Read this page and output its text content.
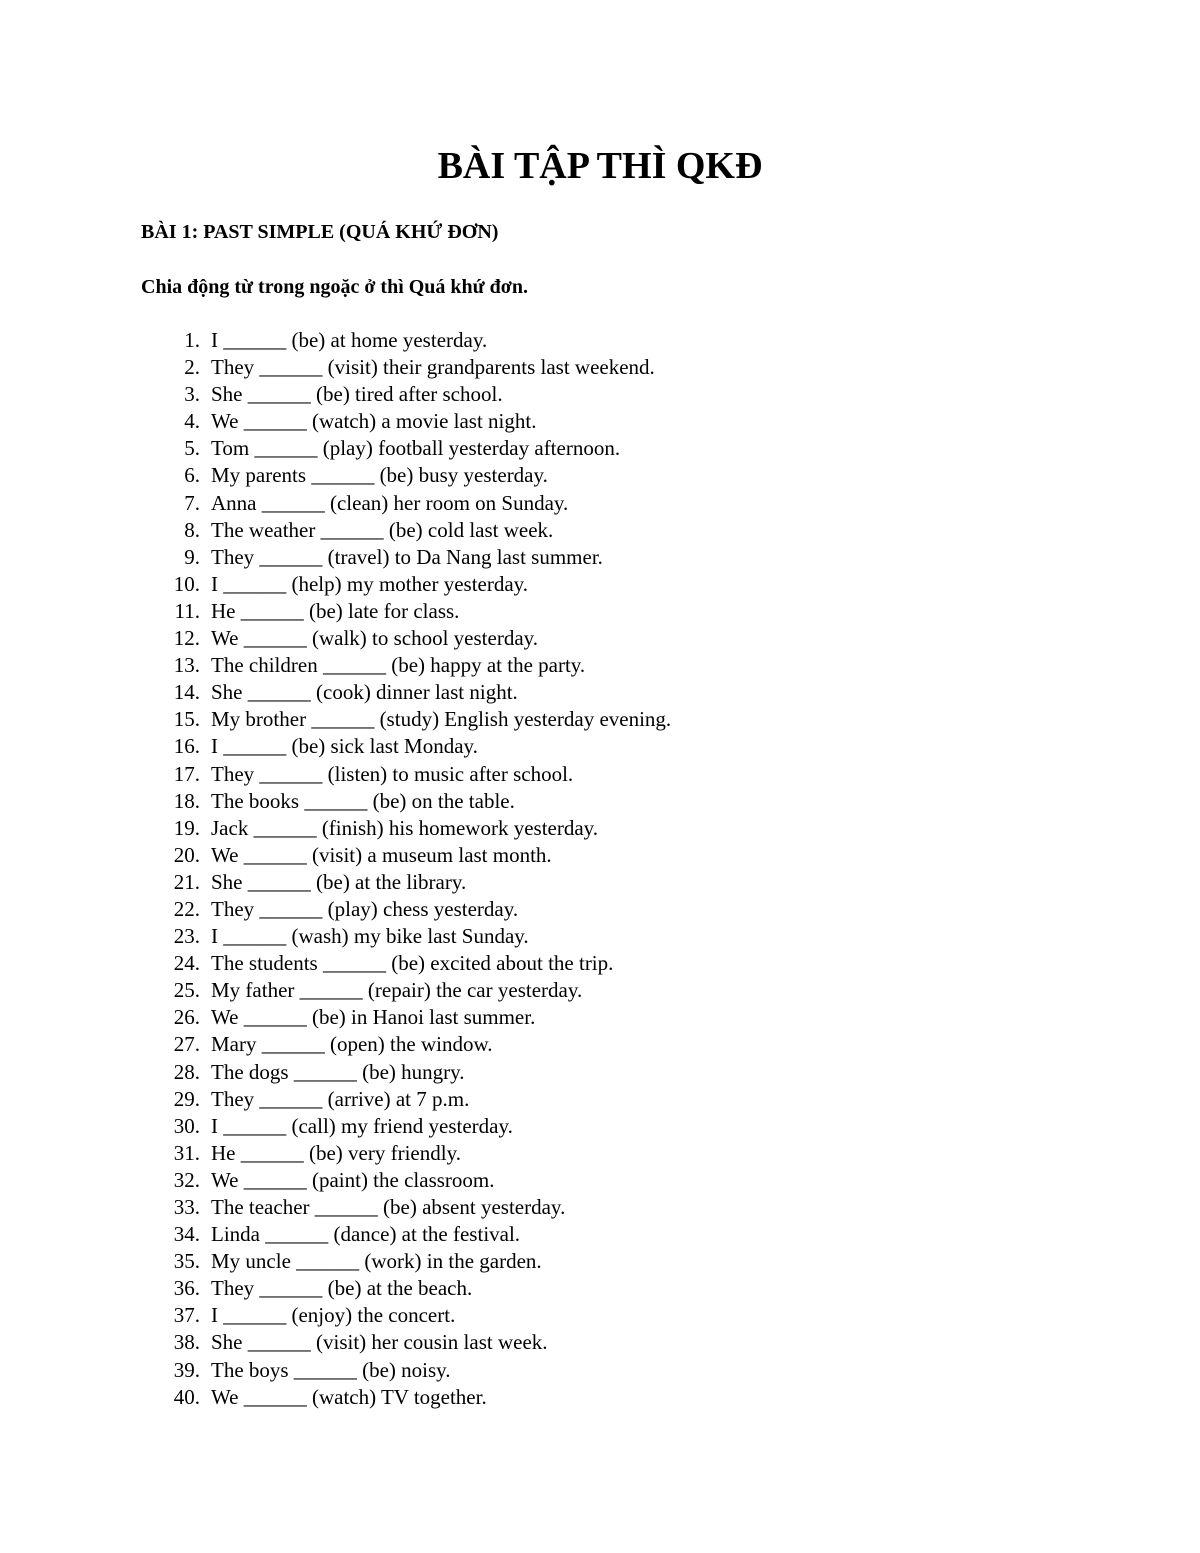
BÀI TẬP THÌ QKĐ

BÀI 1: PAST SIMPLE (QUÁ KHỨ ĐƠN)

Chia động từ trong ngoặc ở thì Quá khứ đơn.

1. I ______ (be) at home yesterday.
2. They ______ (visit) their grandparents last weekend.
3. She ______ (be) tired after school.
4. We ______ (watch) a movie last night.
5. Tom ______ (play) football yesterday afternoon.
6. My parents ______ (be) busy yesterday.
7. Anna ______ (clean) her room on Sunday.
8. The weather ______ (be) cold last week.
9. They ______ (travel) to Da Nang last summer.
10. I ______ (help) my mother yesterday.
11. He ______ (be) late for class.
12. We ______ (walk) to school yesterday.
13. The children ______ (be) happy at the party.
14. She ______ (cook) dinner last night.
15. My brother ______ (study) English yesterday evening.
16. I ______ (be) sick last Monday.
17. They ______ (listen) to music after school.
18. The books ______ (be) on the table.
19. Jack ______ (finish) his homework yesterday.
20. We ______ (visit) a museum last month.
21. She ______ (be) at the library.
22. They ______ (play) chess yesterday.
23. I ______ (wash) my bike last Sunday.
24. The students ______ (be) excited about the trip.
25. My father ______ (repair) the car yesterday.
26. We ______ (be) in Hanoi last summer.
27. Mary ______ (open) the window.
28. The dogs ______ (be) hungry.
29. They ______ (arrive) at 7 p.m.
30. I ______ (call) my friend yesterday.
31. He ______ (be) very friendly.
32. We ______ (paint) the classroom.
33. The teacher ______ (be) absent yesterday.
34. Linda ______ (dance) at the festival.
35. My uncle ______ (work) in the garden.
36. They ______ (be) at the beach.
37. I ______ (enjoy) the concert.
38. She ______ (visit) her cousin last week.
39. The boys ______ (be) noisy.
40. We ______ (watch) TV together.
